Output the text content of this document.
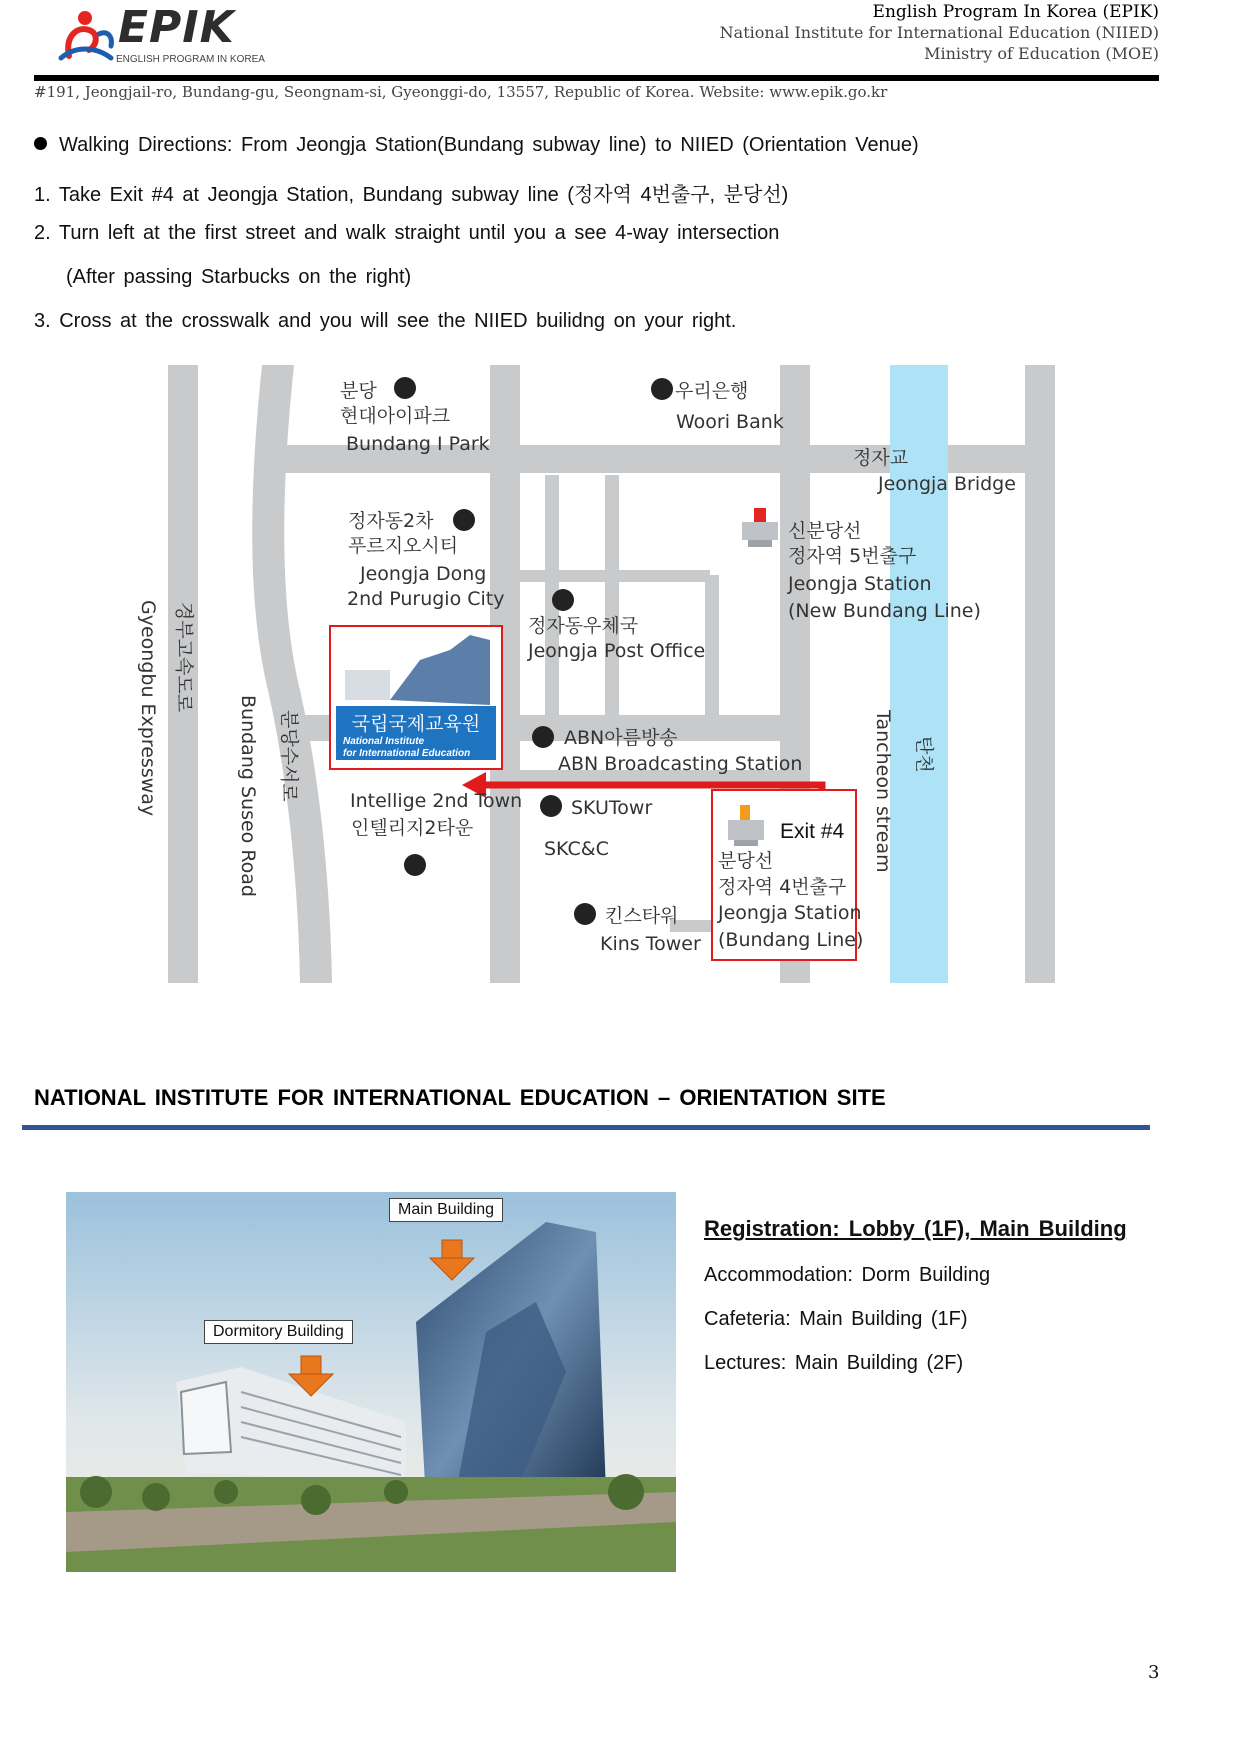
EPIK
ENGLISH PROGRAM IN KOREA
English Program In Korea (EPIK)
National Institute for International Education (NIIED)
Ministry of Education (MOE)
#191, Jeongjail-ro, Bundang-gu, Seongnam-si, Gyeonggi-do, 13557, Republic of Korea. Website: www.epik.go.kr
Walking Directions: From Jeongja Station(Bundang subway line) to NIIED (Orientation Venue)
1. Take Exit #4 at Jeongja Station, Bundang subway line (정자역 4번출구, 분당선)
2. Turn left at the first street and walk straight until you a see 4-way intersection
(After passing Starbucks on the right)
3. Cross at the crosswalk and you will see the NIIED builidng on your right.
국립국제교육원
National Institute
for International Education
Exit #4
분당선
정자역 4번출구
Jeongja Station
(Bundang Line)
분당
현대아이파크
Bundang I Park
우리은행
Woori Bank
정자교
Jeongja Bridge
정자동2차
푸르지오시티
Jeongja Dong
2nd Purugio City
신분당선
정자역 5번출구
Jeongja Station
(New Bundang Line)
정자동우체국
Jeongja Post Office
ABN아름방송
ABN Broadcasting Station
Intellige 2nd Town
인텔리지2타운
SKUTowr
SKC&C
킨스타워
Kins Tower
경부고속도로
Gyeongbu Expressway	분당수서로
Bundang Suseo Road	탄천
Tancheon stream
NATIONAL INSTITUTE FOR INTERNATIONAL EDUCATION – ORIENTATION SITE
Main Building
Dormitory Building
Registration: Lobby (1F), Main Building
Accommodation: Dorm Building
Cafeteria: Main Building (1F)
Lectures: Main Building (2F)
3
